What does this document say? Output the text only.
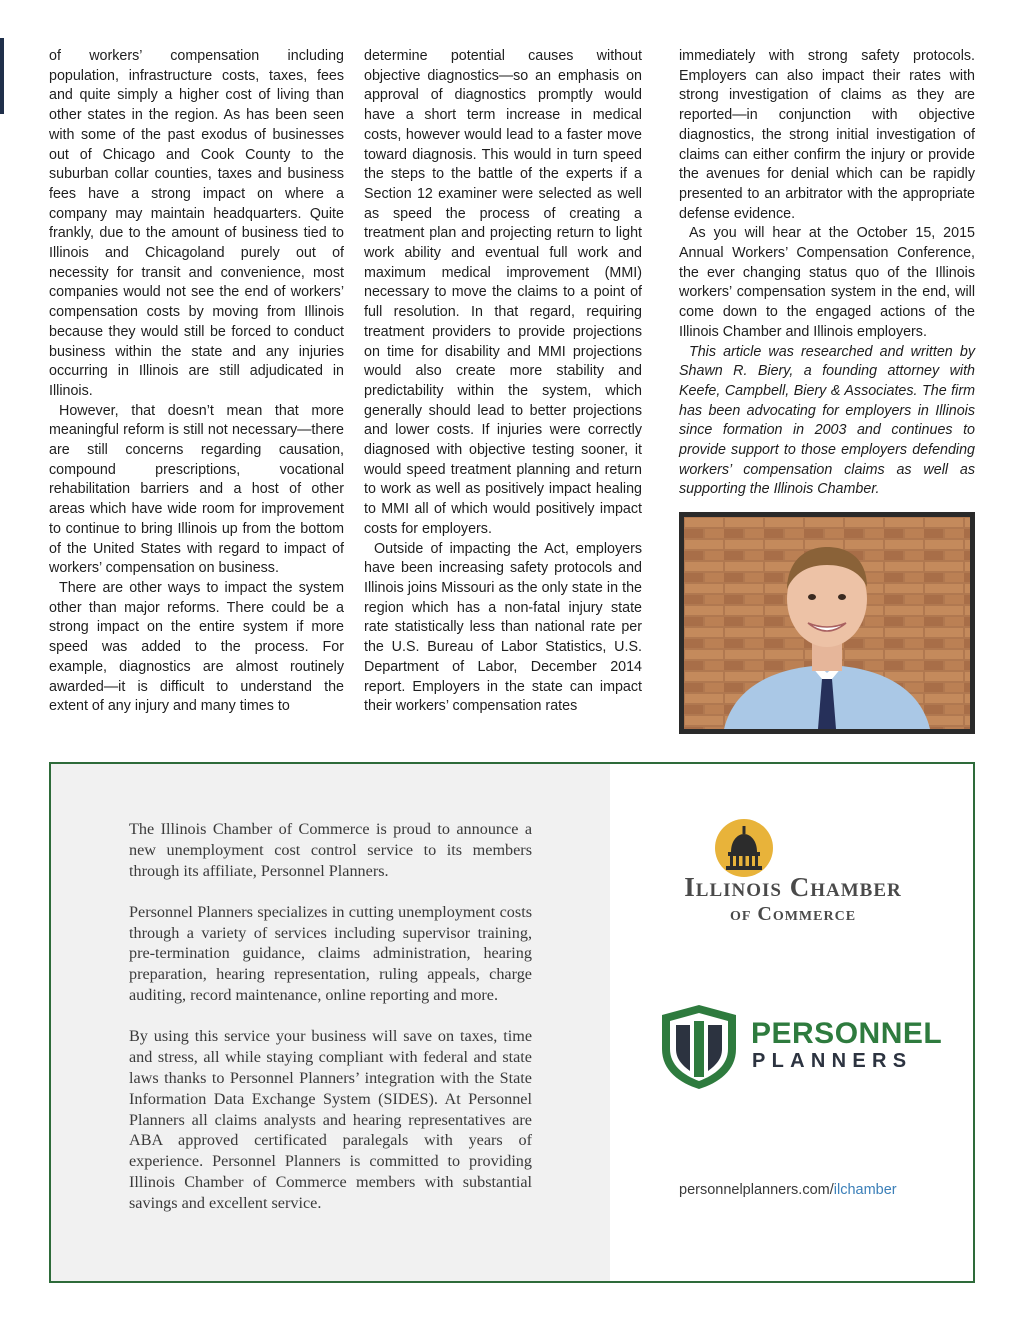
of workers’ compensation including population, infrastructure costs, taxes, fees and quite simply a higher cost of living than other states in the region. As has been seen with some of the past exodus of businesses out of Chicago and Cook County to the suburban collar counties, taxes and business fees have a strong impact on where a company may maintain headquarters. Quite frankly, due to the amount of business tied to Illinois and Chicagoland purely out of necessity for transit and convenience, most companies would not see the end of workers’ compensation costs by moving from Illinois because they would still be forced to conduct business within the state and any injuries occurring in Illinois are still adjudicated in Illinois.

However, that doesn’t mean that more meaningful reform is still not necessary—there are still concerns regarding causation, compound prescriptions, vocational rehabilitation barriers and a host of other areas which have wide room for improvement to continue to bring Illinois up from the bottom of the United States with regard to impact of workers’ compensation on business.

There are other ways to impact the system other than major reforms. There could be a strong impact on the entire system if more speed was added to the process. For example, diagnostics are almost routinely awarded—it is difficult to understand the extent of any injury and many times to

determine potential causes without objective diagnostics—so an emphasis on approval of diagnostics promptly would have a short term increase in medical costs, however would lead to a faster move toward diagnosis. This would in turn speed the steps to the battle of the experts if a Section 12 examiner were selected as well as speed the process of creating a treatment plan and projecting return to light work ability and eventual full work and maximum medical improvement (MMI) necessary to move the claims to a point of full resolution. In that regard, requiring treatment providers to provide projections on time for disability and MMI projections would also create more stability and predictability within the system, which generally should lead to better projections and lower costs. If injuries were correctly diagnosed with objective testing sooner, it would speed treatment planning and return to work as well as positively impact healing to MMI all of which would positively impact costs for employers.

Outside of impacting the Act, employers have been increasing safety protocols and Illinois joins Missouri as the only state in the region which has a non-fatal injury state rate statistically less than national rate per the U.S. Bureau of Labor Statistics, U.S. Department of Labor, December 2014 report. Employers in the state can impact their workers’ compensation rates

immediately with strong safety protocols. Employers can also impact their rates with strong investigation of claims as they are reported—in conjunction with objective diagnostics, the strong initial investigation of claims can either confirm the injury or provide the avenues for denial which can be rapidly presented to an arbitrator with the appropriate defense evidence.

As you will hear at the October 15, 2015 Annual Workers’ Compensation Conference, the ever changing status quo of the Illinois workers’ compensation system in the end, will come down to the engaged actions of the Illinois Chamber and Illinois employers.

This article was researched and written by Shawn R. Biery, a founding attorney with Keefe, Campbell, Biery & Associates. The firm has been advocating for employers in Illinois since formation in 2003 and continues to provide support to those employers defending workers’ compensation claims as well as supporting the Illinois Chamber.

The Illinois Chamber of Commerce is proud to announce a new unemployment cost control service to its members through its affiliate, Personnel Planners.

Personnel Planners specializes in cutting unemployment costs through a variety of services including supervisor training, pre-termination guidance, claims administration, hearing preparation, hearing representation, ruling appeals, charge auditing, record maintenance, online reporting and more.

By using this service your business will save on taxes, time and stress, all while staying compliant with federal and state laws thanks to Personnel Planners’ integration with the State Information Data Exchange System (SIDES). At Personnel Planners all claims analysts and hearing representatives are ABA approved certificated paralegals with years of experience. Personnel Planners is committed to providing Illinois Chamber of Commerce members with substantial savings and excellent service.

Illinois Chamber
of Commerce
PERSONNEL
PLANNERS
personnelplanners.com/ilchamber
